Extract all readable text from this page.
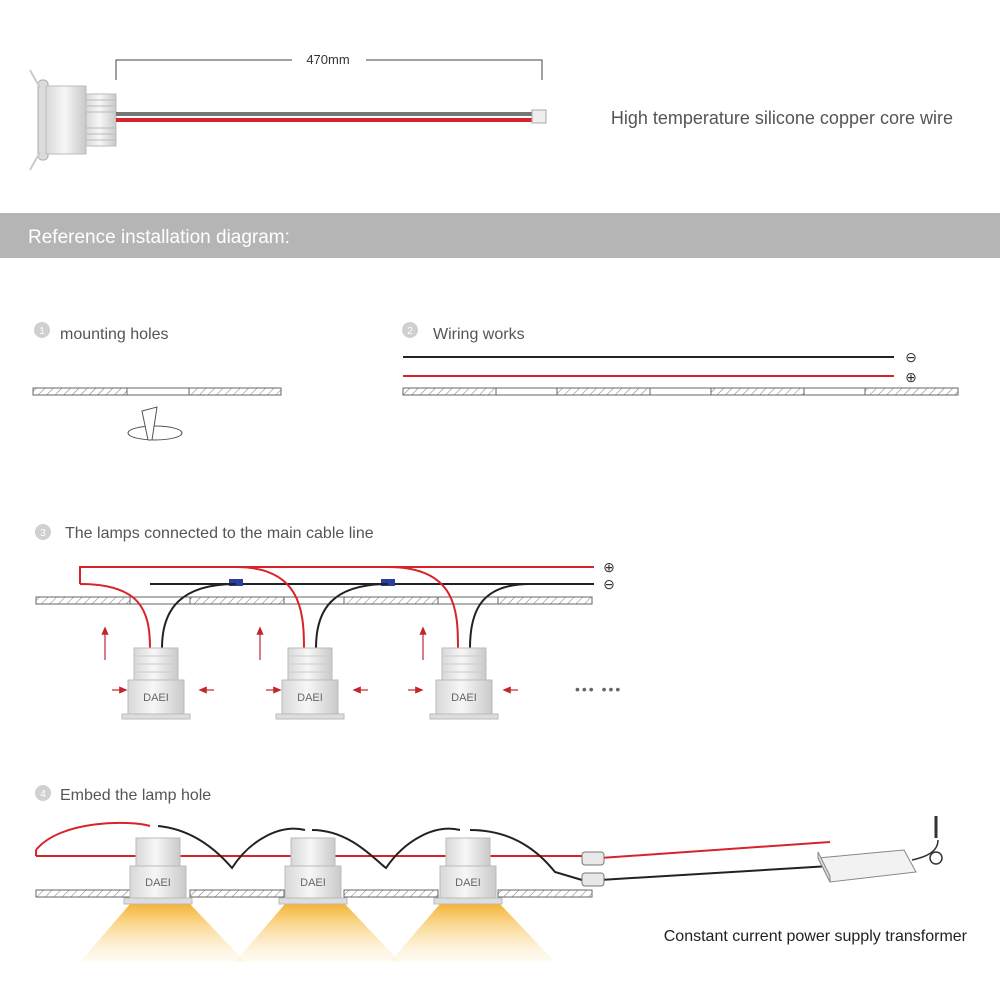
470mm
High temperature silicone copper core wire
Reference installation diagram:
1 mounting holes	2 Wiring works
⊖
⊕
3 The lamps connected to the main cable line
⊕
⊖
DAEI	DAEI	DAEI
••• •••
4 Embed the lamp hole
DAEI	DAEI	DAEI
Constant current power supply transformer
